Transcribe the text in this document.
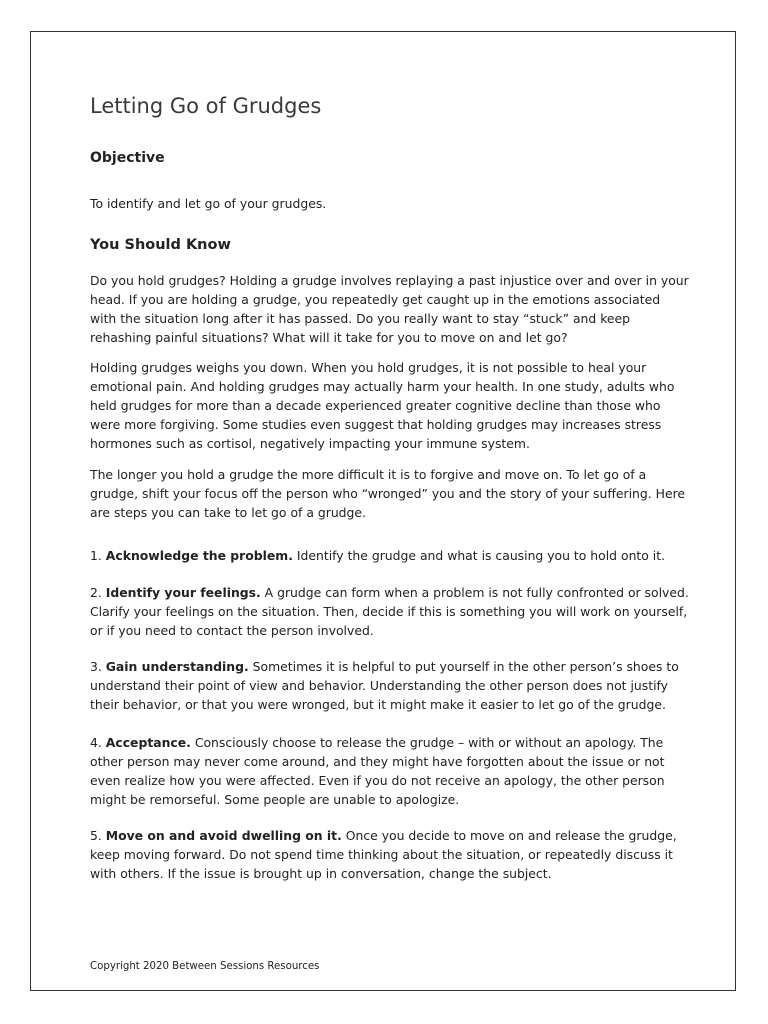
Letting Go of Grudges
Objective

To identify and let go of your grudges.

You Should Know

Do you hold grudges? Holding a grudge involves replaying a past injustice over and over in your head. If you are holding a grudge, you repeatedly get caught up in the emotions associated with the situation long after it has passed. Do you really want to stay “stuck” and keep rehashing painful situations? What will it take for you to move on and let go?

Holding grudges weighs you down. When you hold grudges, it is not possible to heal your emotional pain. And holding grudges may actually harm your health. In one study, adults who held grudges for more than a decade experienced greater cognitive decline than those who were more forgiving. Some studies even suggest that holding grudges may increases stress hormones such as cortisol, negatively impacting your immune system.

The longer you hold a grudge the more difficult it is to forgive and move on. To let go of a grudge, shift your focus off the person who “wronged” you and the story of your suffering. Here are steps you can take to let go of a grudge.

1. Acknowledge the problem. Identify the grudge and what is causing you to hold onto it.

2. Identify your feelings. A grudge can form when a problem is not fully confronted or solved. Clarify your feelings on the situation. Then, decide if this is something you will work on yourself, or if you need to contact the person involved.

3. Gain understanding. Sometimes it is helpful to put yourself in the other person’s shoes to understand their point of view and behavior. Understanding the other person does not justify their behavior, or that you were wronged, but it might make it easier to let go of the grudge.

4. Acceptance. Consciously choose to release the grudge – with or without an apology. The other person may never come around, and they might have forgotten about the issue or not even realize how you were affected. Even if you do not receive an apology, the other person might be remorseful. Some people are unable to apologize.

5. Move on and avoid dwelling on it. Once you decide to move on and release the grudge, keep moving forward. Do not spend time thinking about the situation, or repeatedly discuss it with others. If the issue is brought up in conversation, change the subject.

Copyright 2020 Between Sessions Resources
